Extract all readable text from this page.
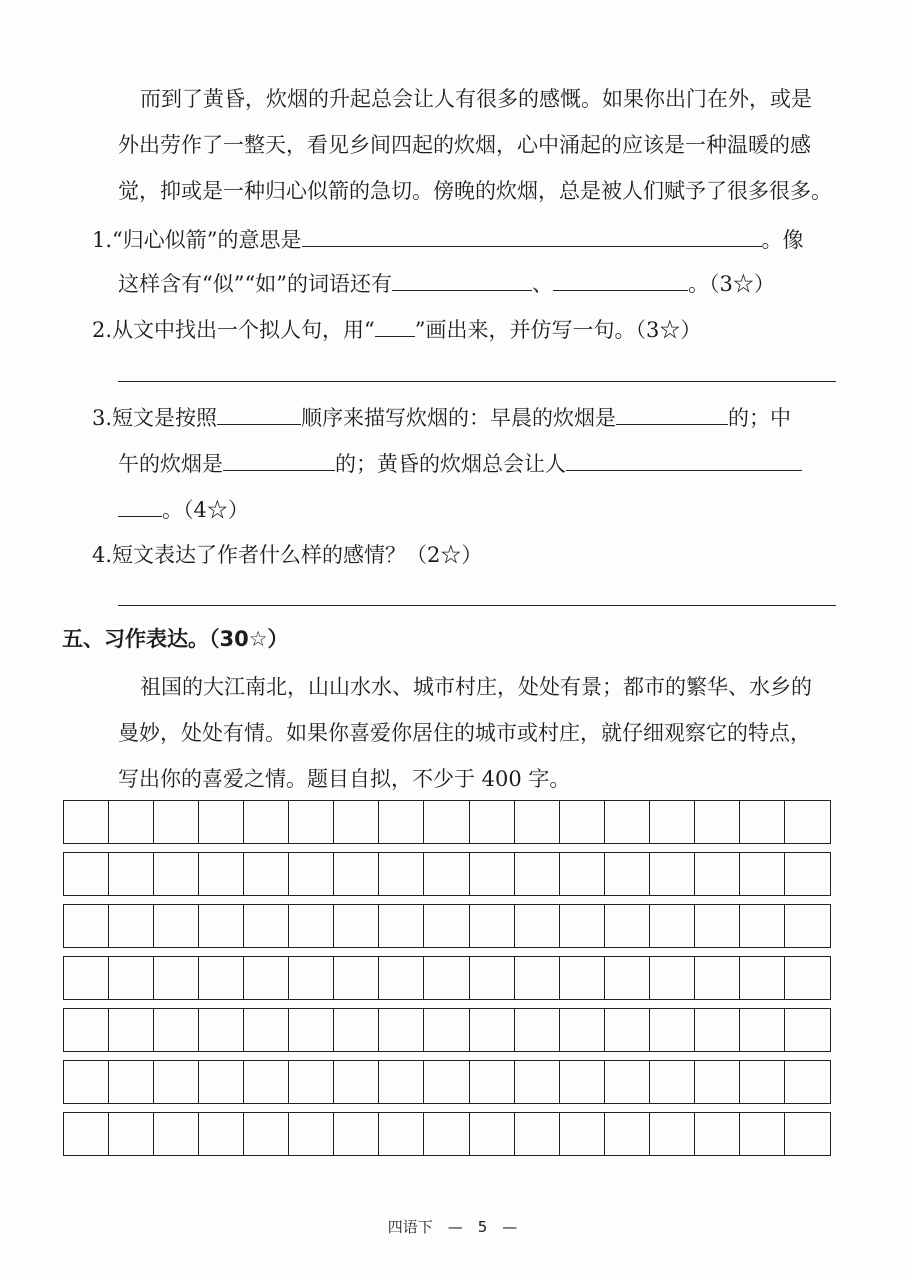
而到了黄昏，炊烟的升起总会让人有很多的感慨。如果你出门在外，或是
外出劳作了一整天，看见乡间四起的炊烟，心中涌起的应该是一种温暖的感
觉，抑或是一种归心似箭的急切。傍晚的炊烟，总是被人们赋予了很多很多。
1.“归心似箭”的意思是	。像
这样含有“似”“如”的词语还有	、	。（3☆）
2.从文中找出一个拟人句，用“ ”画出来，并仿写一句。（3☆）
3.短文是按照	顺序来描写炊烟的：早晨的炊烟是	的；中
午的炊烟是	的；黄昏的炊烟总会让人
。（4☆）
4.短文表达了作者什么样的感情？（2☆）
五、习作表达。（30☆）
祖国的大江南北，山山水水、城市村庄，处处有景；都市的繁华、水乡的
曼妙，处处有情。如果你喜爱你居住的城市或村庄，就仔细观察它的特点，
写出你的喜爱之情。题目自拟，不少于 400 字。
四语下　—　5　—
